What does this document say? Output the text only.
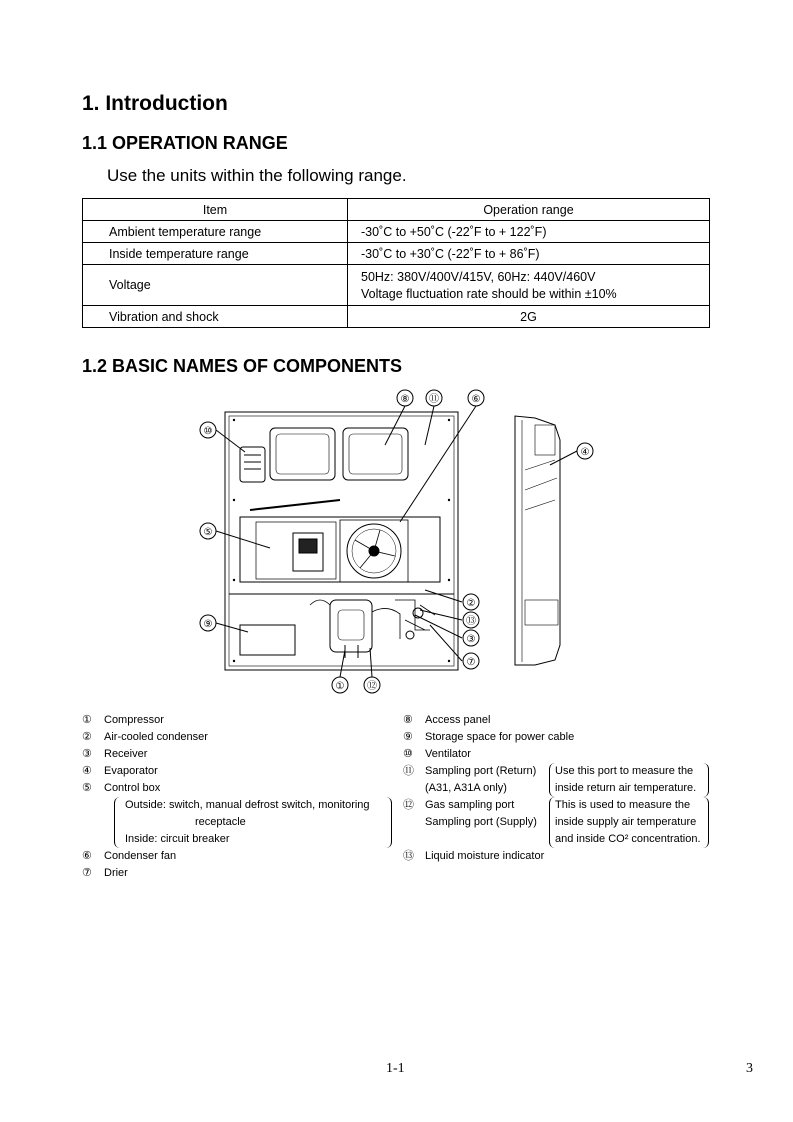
1. Introduction
1.1 OPERATION RANGE
Use the units within the following range.
Item	Operation range
Ambient temperature range	-30˚C to +50˚C (-22˚F to + 122˚F)
Inside temperature range	-30˚C to +30˚C (-22˚F to + 86˚F)
Voltage	50Hz: 380V/400V/415V, 60Hz: 440V/460V
Voltage fluctuation rate should be within ±10%

Vibration and shock	2G
1.2 BASIC NAMES OF COMPONENTS
⑧ ⑪	⑥
⑩
⑤
⑨
②
⑬
③
⑦
① ⑫
④
① Compressor
② Air-cooled condenser
③ Receiver
④ Evaporator
⑤ Control box
Outside: switch, manual defrost switch, monitoring
receptacle
Inside: circuit breaker
⑥ Condenser fan
⑦ Drier
⑧ Access panel
⑨ Storage space for power cable
⑩ Ventilator
⑪ Sampling port (Return)
(A31, A31A only)
Use this port to measure the
inside return air temperature.
⑫ Gas sampling port
Sampling port (Supply)
This is used to measure the
inside supply air temperature
and inside CO² concentration.
⑬ Liquid moisture indicator
1-1	3
